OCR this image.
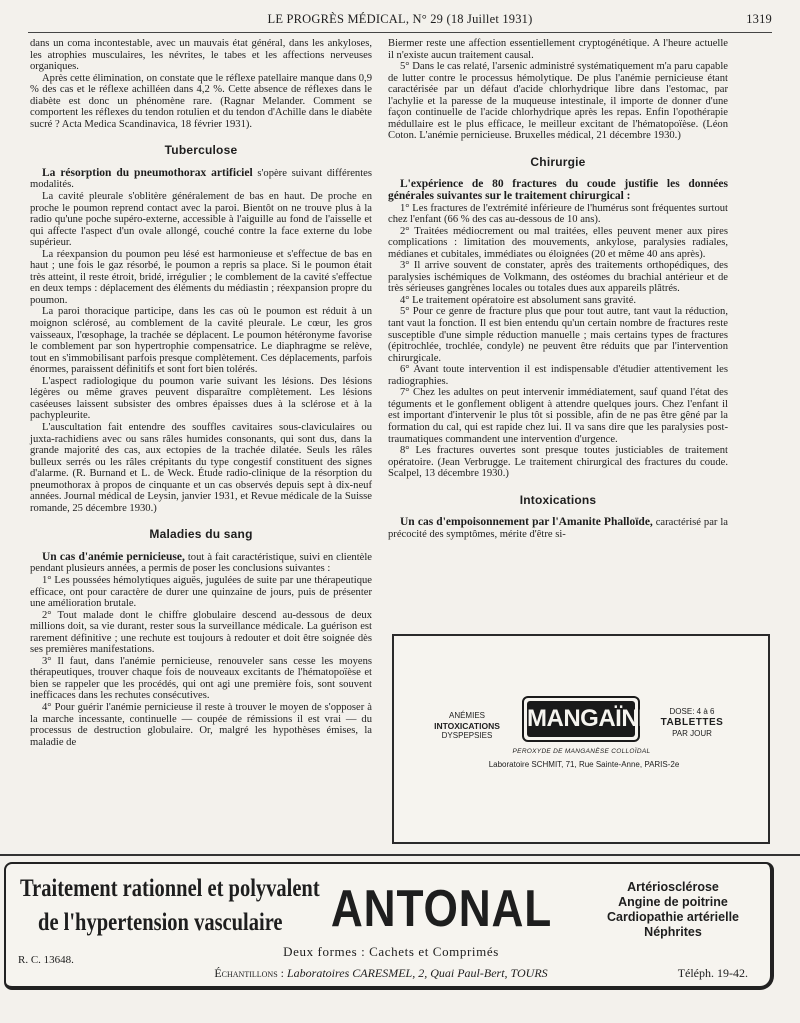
LE PROGRÈS MÉDICAL, N° 29 (18 Juillet 1931)	1319

dans un coma incontestable, avec un mauvais état général, dans les ankyloses, les atrophies musculaires, les névrites, le tabes et les affections nerveuses organiques.

Après cette élimination, on constate que le réflexe patellaire manque dans 0,9 % des cas et le réflexe achilléen dans 4,2 %. Cette absence de réflexes dans le diabète est donc un phénomène rare. (Ragnar Melander. Comment se comportent les réflexes du tendon rotulien et du tendon d'Achille dans le diabète sucré ? Acta Medica Scandinavica, 18 février 1931).

Tuberculose

La résorption du pneumothorax artificiel s'opère suivant différentes modalités.

La cavité pleurale s'oblitère généralement de bas en haut. De proche en proche le poumon reprend contact avec la paroi. Bientôt on ne trouve plus à la radio qu'une poche supéro-externe, accessible à l'aiguille au fond de l'aisselle et qui affecte l'aspect d'un ovale allongé, couché contre la face externe du lobe supérieur.

La réexpansion du poumon peu lésé est harmonieuse et s'effectue de bas en haut ; une fois le gaz résorbé, le poumon a repris sa place. Si le poumon était très atteint, il reste étroit, bridé, irrégulier ; le comblement de la cavité s'effectue en deux temps : déplacement des éléments du médiastin ; réexpansion propre du poumon.

La paroi thoracique participe, dans les cas où le poumon est réduit à un moignon sclérosé, au comblement de la cavité pleurale. Le cœur, les gros vaisseaux, l'œsophage, la trachée se déplacent. Le poumon hétéronyme favorise le comblement par son hypertrophie compensatrice. Le diaphragme se relève, tout en s'immobilisant parfois presque complètement. Ces déplacements, parfois énormes, paraissent définitifs et sont fort bien tolérés.

L'aspect radiologique du poumon varie suivant les lésions. Des lésions légères ou même graves peuvent disparaître complètement. Les lésions caséeuses laissent subsister des ombres épaisses dues à la sclérose et à la pachypleurite.

L'auscultation fait entendre des souffles cavitaires sous-claviculaires ou juxta-rachidiens avec ou sans râles humides consonants, qui sont dus, dans la grande majorité des cas, aux ectopies de la trachée dilatée. Seuls les râles bulleux serrés ou les râles crépitants du type congestif constituent des signes d'alarme. (R. Burnand et L. de Weck. Étude radio-clinique de la résorption du pneumothorax à propos de cinquante et un cas observés depuis sept à dix-neuf années. Journal médical de Leysin, janvier 1931, et Revue médicale de la Suisse romande, 25 décembre 1930.)

Maladies du sang

Un cas d'anémie pernicieuse, tout à fait caractéristique, suivi en clientèle pendant plusieurs années, a permis de poser les conclusions suivantes :

1° Les poussées hémolytiques aiguës, jugulées de suite par une thérapeutique efficace, ont pour caractère de durer une quinzaine de jours, puis de présenter une amélioration brutale.

2° Tout malade dont le chiffre globulaire descend au-dessous de deux millions doit, sa vie durant, rester sous la surveillance médicale. La guérison est rarement définitive ; une rechute est toujours à redouter et doit être soignée dès ses premières manifestations.

3° Il faut, dans l'anémie pernicieuse, renouveler sans cesse les moyens thérapeutiques, trouver chaque fois de nouveaux excitants de l'hématopoïèse et bien se rappeler que les procédés, qui ont agi une première fois, sont souvent inefficaces dans les rechutes consécutives.

4° Pour guérir l'anémie pernicieuse il reste à trouver le moyen de s'opposer à la marche incessante, continuelle — coupée de rémissions il est vrai — du processus de destruction globulaire. Or, malgré les hypothèses émises, la maladie de

Biermer reste une affection essentiellement cryptogénétique. A l'heure actuelle il n'existe aucun traitement causal.

5° Dans le cas relaté, l'arsenic administré systématiquement m'a paru capable de lutter contre le processus hémolytique. De plus l'anémie pernicieuse étant caractérisée par un défaut d'acide chlorhydrique libre dans l'estomac, par l'achylie et la paresse de la muqueuse intestinale, il importe de donner d'une façon continuelle de l'acide chlorhydrique après les repas. Enfin l'opothérapie médullaire est le plus efficace, le meilleur excitant de l'hématopoïèse. (Léon Coton. L'anémie pernicieuse. Bruxelles médical, 21 décembre 1930.)

Chirurgie

L'expérience de 80 fractures du coude justifie les données générales suivantes sur le traitement chirurgical :

1° Les fractures de l'extrémité inférieure de l'humérus sont fréquentes surtout chez l'enfant (66 % des cas au-dessous de 10 ans).

2° Traitées médiocrement ou mal traitées, elles peuvent mener aux pires complications : limitation des mouvements, ankylose, paralysies radiales, médianes et cubitales, immédiates ou éloignées (20 et même 40 ans après).

3° Il arrive souvent de constater, après des traitements orthopédiques, des paralysies ischémiques de Volkmann, des ostéomes du brachial antérieur et de très sérieuses gangrènes locales ou totales dues aux appareils plâtrés.

4° Le traitement opératoire est absolument sans gravité.

5° Pour ce genre de fracture plus que pour tout autre, tant vaut la réduction, tant vaut la fonction. Il est bien entendu qu'un certain nombre de fractures reste susceptible d'une simple réduction manuelle ; mais certains types de fractures (épitrochlée, trochlée, condyle) ne peuvent être réduits que par l'intervention chirurgicale.

6° Avant toute intervention il est indispensable d'étudier attentivement les radiographies.

7° Chez les adultes on peut intervenir immédiatement, sauf quand l'état des téguments et le gonflement obligent à attendre quelques jours. Chez l'enfant il est important d'intervenir le plus tôt si possible, afin de ne pas être gêné par la formation du cal, qui est rapide chez lui. Il va sans dire que les paralysies post-traumatiques commandent une intervention d'urgence.

8° Les fractures ouvertes sont presque toutes justiciables de traitement opératoire. (Jean Verbrugge. Le traitement chirurgical des fractures du coude. Scalpel, 13 décembre 1930.)

Intoxications

Un cas d'empoisonnement par l'Amanite Phalloïde, caractérisé par la précocité des symptômes, mérite d'être si-

ANÉMIES
INTOXICATIONS
DYSPEPSIES
MANGAÏNE	DOSE: 4 à 6
TABLETTES
PAR JOUR
PEROXYDE DE MANGANÈSE COLLOÏDAL
Laboratoire SCHMIT, 71, Rue Sainte-Anne, PARIS-2e
Traitement rationnel et polyvalent
de l'hypertension vasculaire ANTONAL	Artériosclérose
Angine de poitrine
Cardiopathie artérielle
Néphrites
Deux formes : Cachets et Comprimés
R. C. 13648.
Échantillons : Laboratoires CARESMEL, 2, Quai Paul-Bert, TOURS	Téléph. 19-42.
